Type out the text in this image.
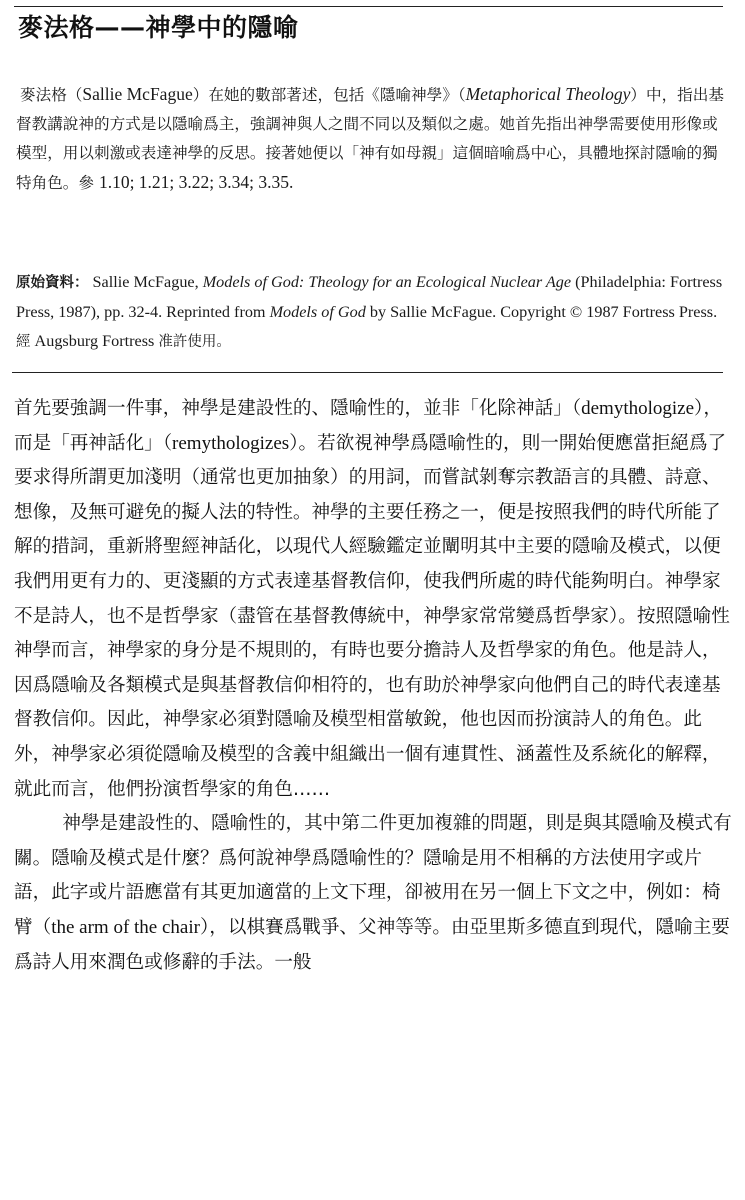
麥法格——神學中的隱喻

麥法格（Sallie McFague）在她的數部著述，包括《隱喻神學》（Metaphorical Theology）中，指出基督教講說神的方式是以隱喻爲主，強調神與人之間不同以及類似之處。她首先指出神學需要使用形像或模型，用以刺激或表達神學的反思。接著她便以「神有如母親」這個暗喻爲中心，具體地探討隱喻的獨特角色。參 1.10; 1.21; 3.22; 3.34; 3.35.

原始資料： Sallie McFague, Models of God: Theology for an Ecological Nuclear Age (Philadelphia: Fortress Press, 1987), pp. 32-4. Reprinted from Models of God by Sallie McFague. Copyright © 1987 Fortress Press. 經 Augsburg Fortress 准許使用。

首先要強調一件事，神學是建設性的、隱喻性的，並非「化除神話」（demythologize），而是「再神話化」（remythologizes）。若欲視神學爲隱喻性的，則一開始便應當拒絕爲了要求得所謂更加淺明（通常也更加抽象）的用詞，而嘗試剝奪宗教語言的具體、詩意、想像，及無可避免的擬人法的特性。神學的主要任務之一，便是按照我們的時代所能了解的措詞，重新將聖經神話化，以現代人經驗鑑定並闡明其中主要的隱喻及模式，以便我們用更有力的、更淺顯的方式表達基督教信仰，使我們所處的時代能夠明白。神學家不是詩人，也不是哲學家（盡管在基督教傳統中，神學家常常變爲哲學家）。按照隱喻性神學而言，神學家的身分是不規則的，有時也要分擔詩人及哲學家的角色。他是詩人，因爲隱喻及各類模式是與基督教信仰相符的，也有助於神學家向他們自己的時代表達基督教信仰。因此，神學家必須對隱喻及模型相當敏銳，他也因而扮演詩人的角色。此外，神學家必須從隱喻及模型的含義中組織出一個有連貫性、涵蓋性及系統化的解釋，就此而言，他們扮演哲學家的角色……

神學是建設性的、隱喻性的，其中第二件更加複雜的問題，則是與其隱喻及模式有關。隱喻及模式是什麼？爲何說神學爲隱喻性的？隱喻是用不相稱的方法使用字或片語，此字或片語應當有其更加適當的上文下理，卻被用在另一個上下文之中，例如：椅臂（the arm of the chair），以棋賽爲戰爭、父神等等。由亞里斯多德直到現代，隱喻主要爲詩人用來潤色或修辭的手法。一般
